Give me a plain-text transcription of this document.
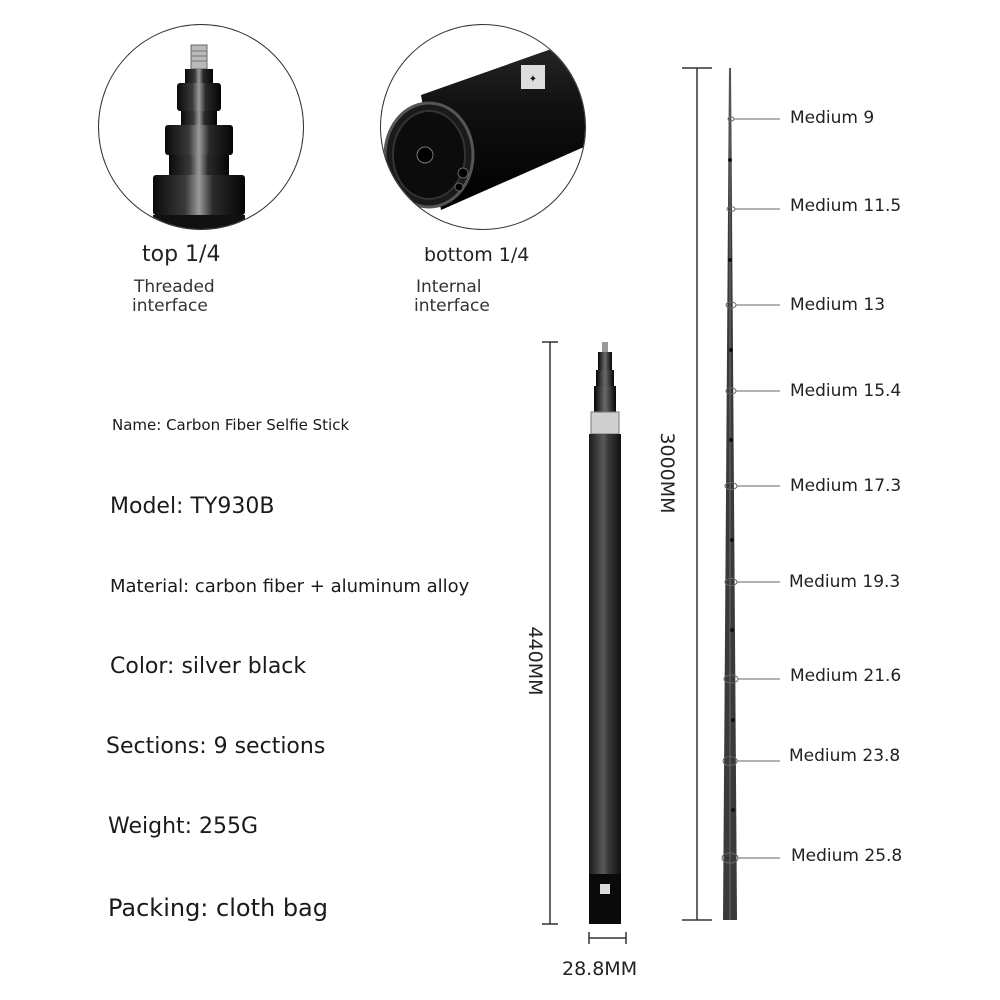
top 1/4
Threaded
interface
✦
bottom 1/4
Internal
interface
Name: Carbon Fiber Selfie Stick
Model: TY930B
Material: carbon fiber + aluminum alloy
Color: silver black
Sections: 9 sections
Weight: 255G
Packing: cloth bag
440MM
3000MM
28.8MM
Medium 9
Medium 11.5
Medium 13
Medium 15.4
Medium 17.3
Medium 19.3
Medium 21.6
Medium 23.8
Medium 25.8
